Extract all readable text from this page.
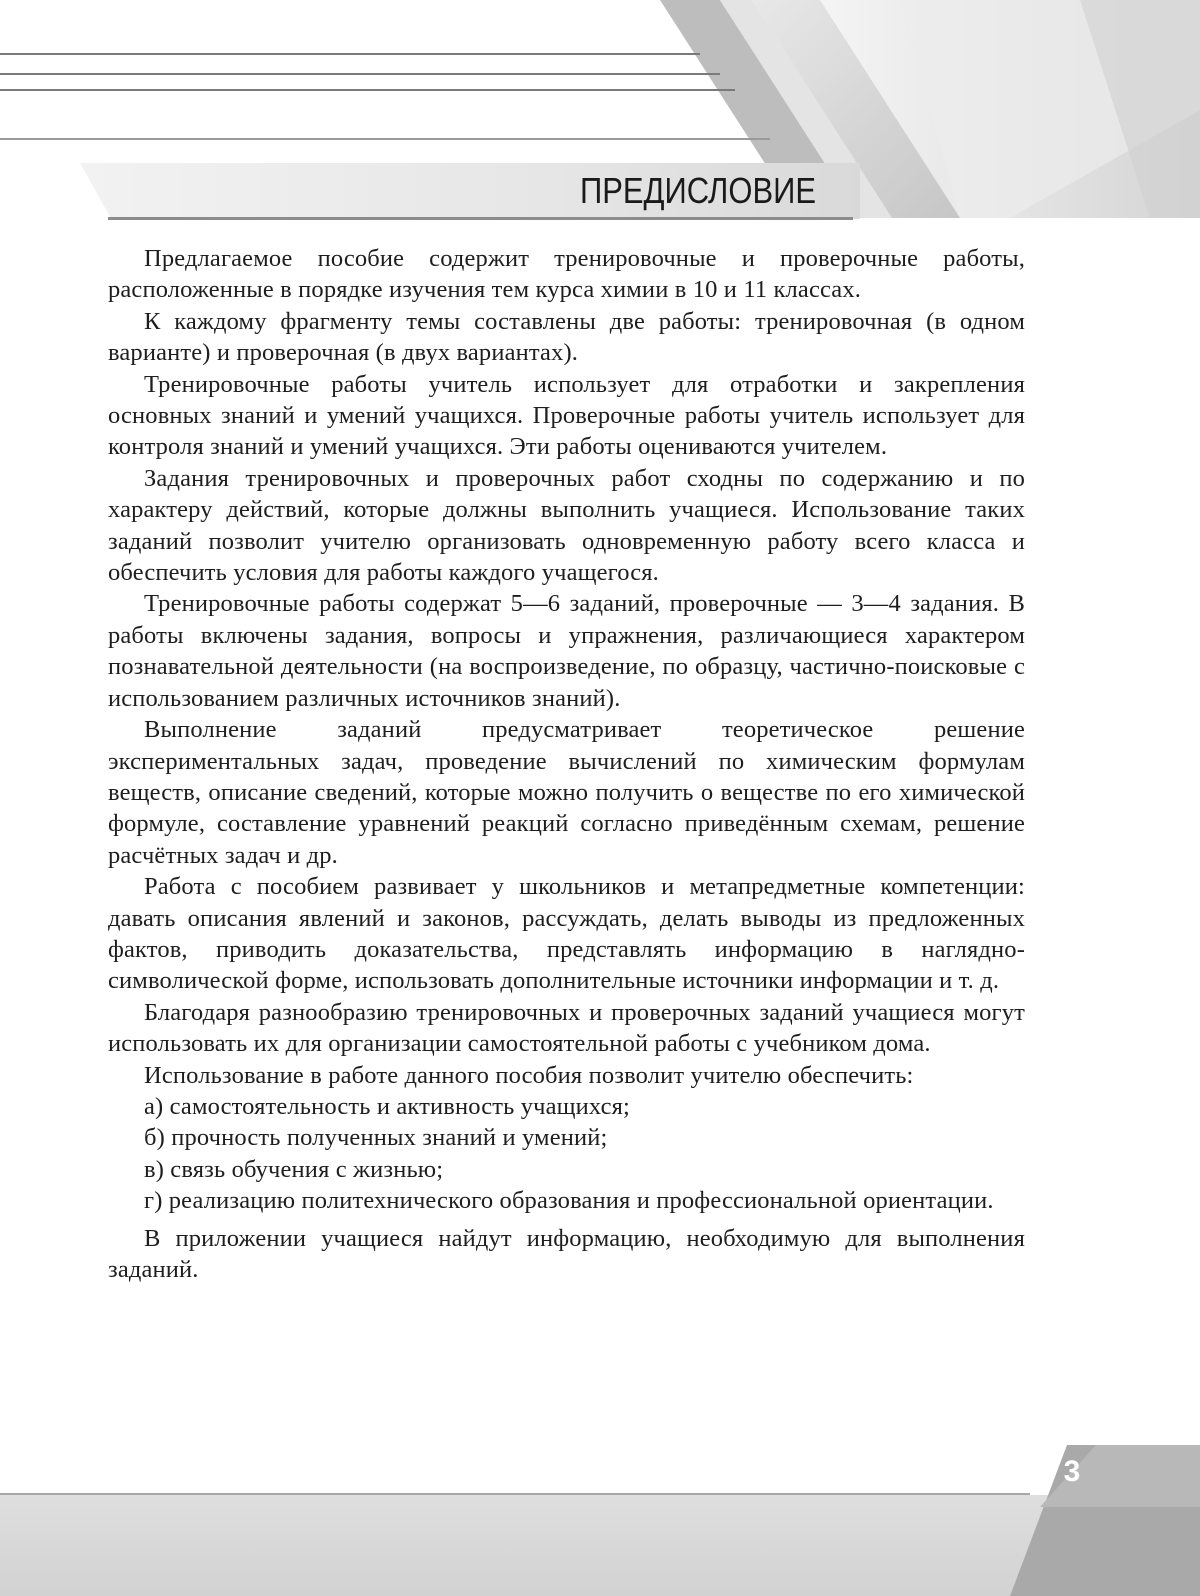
ПРЕДИСЛОВИЕ

Предлагаемое пособие содержит тренировочные и проверочные работы, расположенные в порядке изучения тем курса химии в 10 и 11 классах.

К каждому фрагменту темы составлены две работы: тренировочная (в одном варианте) и проверочная (в двух вариантах).

Тренировочные работы учитель использует для отработки и закрепления основных знаний и умений учащихся. Проверочные работы учитель использует для контроля знаний и умений учащихся. Эти работы оцениваются учителем.

Задания тренировочных и проверочных работ сходны по содержанию и по характеру действий, которые должны выполнить учащиеся. Использование таких заданий позволит учителю организовать одновременную работу всего класса и обеспечить условия для работы каждого учащегося.

Тренировочные работы содержат 5—6 заданий, проверочные — 3—4 задания. В работы включены задания, вопросы и упражнения, различающиеся характером познавательной деятельности (на воспроизведение, по образцу, частично-поисковые с использованием различных источников знаний).

Выполнение заданий предусматривает теоретическое решение экспериментальных задач, проведение вычислений по химическим формулам веществ, описание сведений, которые можно получить о веществе по его химической формуле, составление уравнений реакций согласно приведённым схемам, решение расчётных задач и др.

Работа с пособием развивает у школьников и метапредметные компетенции: давать описания явлений и законов, рассуждать, делать выводы из предложенных фактов, приводить доказательства, представлять информацию в наглядно-символической форме, использовать дополнительные источники информации и т. д.

Благодаря разнообразию тренировочных и проверочных заданий учащиеся могут использовать их для организации самостоятельной работы с учебником дома.

Использование в работе данного пособия позволит учителю обеспечить:

а) самостоятельность и активность учащихся;

б) прочность полученных знаний и умений;

в) связь обучения с жизнью;

г) реализацию политехнического образования и профессиональной ориентации.

В приложении учащиеся найдут информацию, необходимую для выполнения заданий.

3
